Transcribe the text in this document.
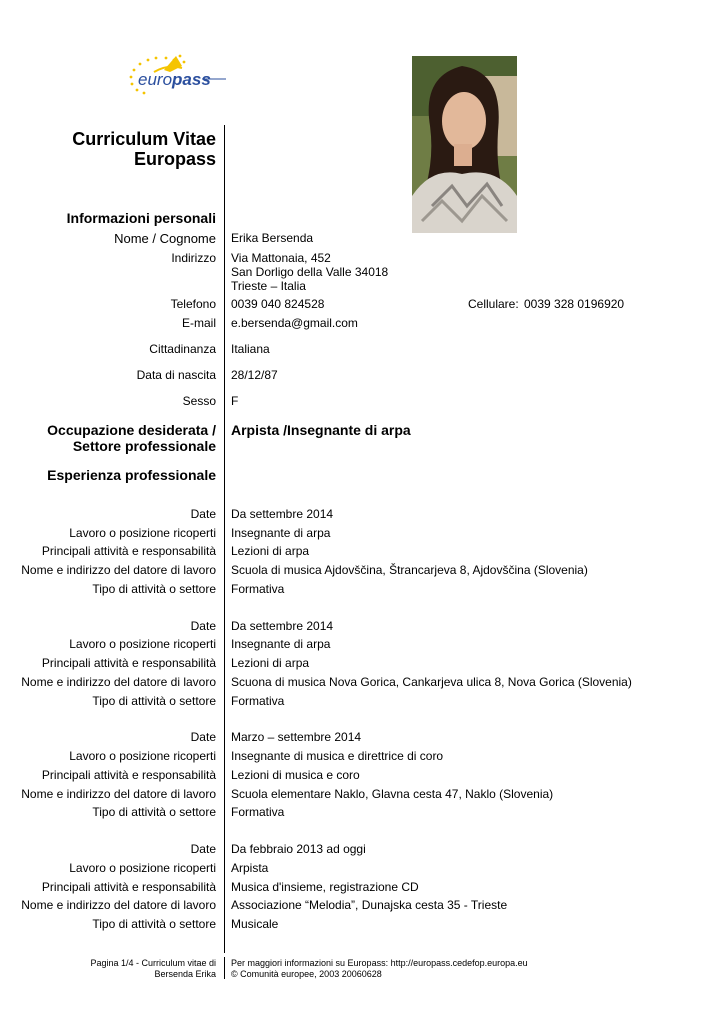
europass
Curriculum Vitae
Europass
Informazioni personali
Nome / Cognome Erika Bersenda
Indirizzo Via Mattonaia, 452
San Dorligo della Valle 34018
Trieste – Italia
Telefono 0039 040 824528	Cellulare: 0039 328 0196920
E-mail e.bersenda@gmail.com
Cittadinanza Italiana
Data di nascita 28/12/87
Sesso F
Occupazione desiderata /
Settore professionale
Arpista /Insegnante di arpa
Esperienza professionale
Date Da settembre 2014
Lavoro o posizione ricoperti Insegnante di arpa
Principali attività e responsabilità Lezioni di arpa
Nome e indirizzo del datore di lavoro Scuola di musica Ajdovščina, Štrancarjeva 8, Ajdovščina (Slovenia)
Tipo di attività o settore Formativa
Date Da settembre 2014
Lavoro o posizione ricoperti Insegnante di arpa
Principali attività e responsabilità Lezioni di arpa
Nome e indirizzo del datore di lavoro Scuona di musica Nova Gorica, Cankarjeva ulica 8, Nova Gorica (Slovenia)
Tipo di attività o settore Formativa
Date Marzo – settembre 2014
Lavoro o posizione ricoperti Insegnante di musica e direttrice di coro
Principali attività e responsabilità Lezioni di musica e coro
Nome e indirizzo del datore di lavoro Scuola elementare Naklo, Glavna cesta 47, Naklo (Slovenia)
Tipo di attività o settore Formativa
Date Da febbraio 2013 ad oggi
Lavoro o posizione ricoperti Arpista
Principali attività e responsabilità Musica d'insieme, registrazione CD
Nome e indirizzo del datore di lavoro Associazione “Melodia”, Dunajska cesta 35 - Trieste
Tipo di attività o settore Musicale
Pagina 1/4 - Curriculum vitae di
Bersenda Erika
Per maggiori informazioni su Europass: http://europass.cedefop.europa.eu
© Comunità europee, 2003 20060628
